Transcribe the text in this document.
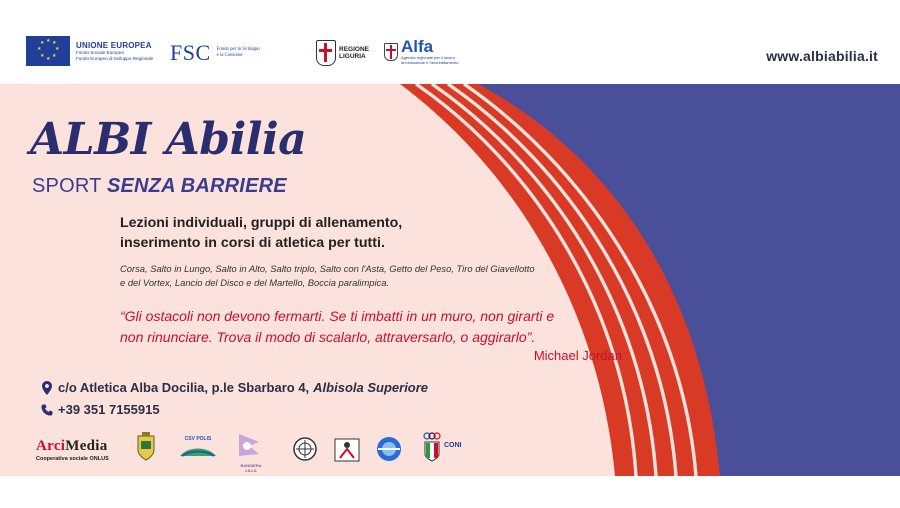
★ ★
★
★
★
★
★
★	UNIONE EUROPEA
Fondo Sociale Europeo
Fondo Europeo di Sviluppo Regionale FSC Fondo per lo Sviluppo
e la Coesione
REGIONE
LIGURIA
Alfa
Agenzia regionale per il lavoro
la formazione e l'accreditamento	www.albiabilia.it
ALBI Abilia
SPORT SENZA BARRIERE
Lezioni individuali, gruppi di allenamento,
inserimento in corsi di atletica per tutti.
Corsa, Salto in Lungo, Salto in Alto, Salto triplo, Salto con l'Asta, Getto del Peso, Tiro del Giavellotto e del Vortex, Lancio del Disco e del Martello, Boccia paralimpica.
“Gli ostacoli non devono fermarti. Se ti imbatti in un muro, non girarti e
non rinunciare. Trova il modo di scalarlo, attraversarlo, o aggirarlo”.
Michael Jordan
c/o Atletica Alba Docilia, p.le Sbarbaro 4, Albisola Superiore
+39 351 7155915
ArciMedia
Cooperativa sociale ONLUS
CSV POLIS
BANDIERA LILLA
CONI
